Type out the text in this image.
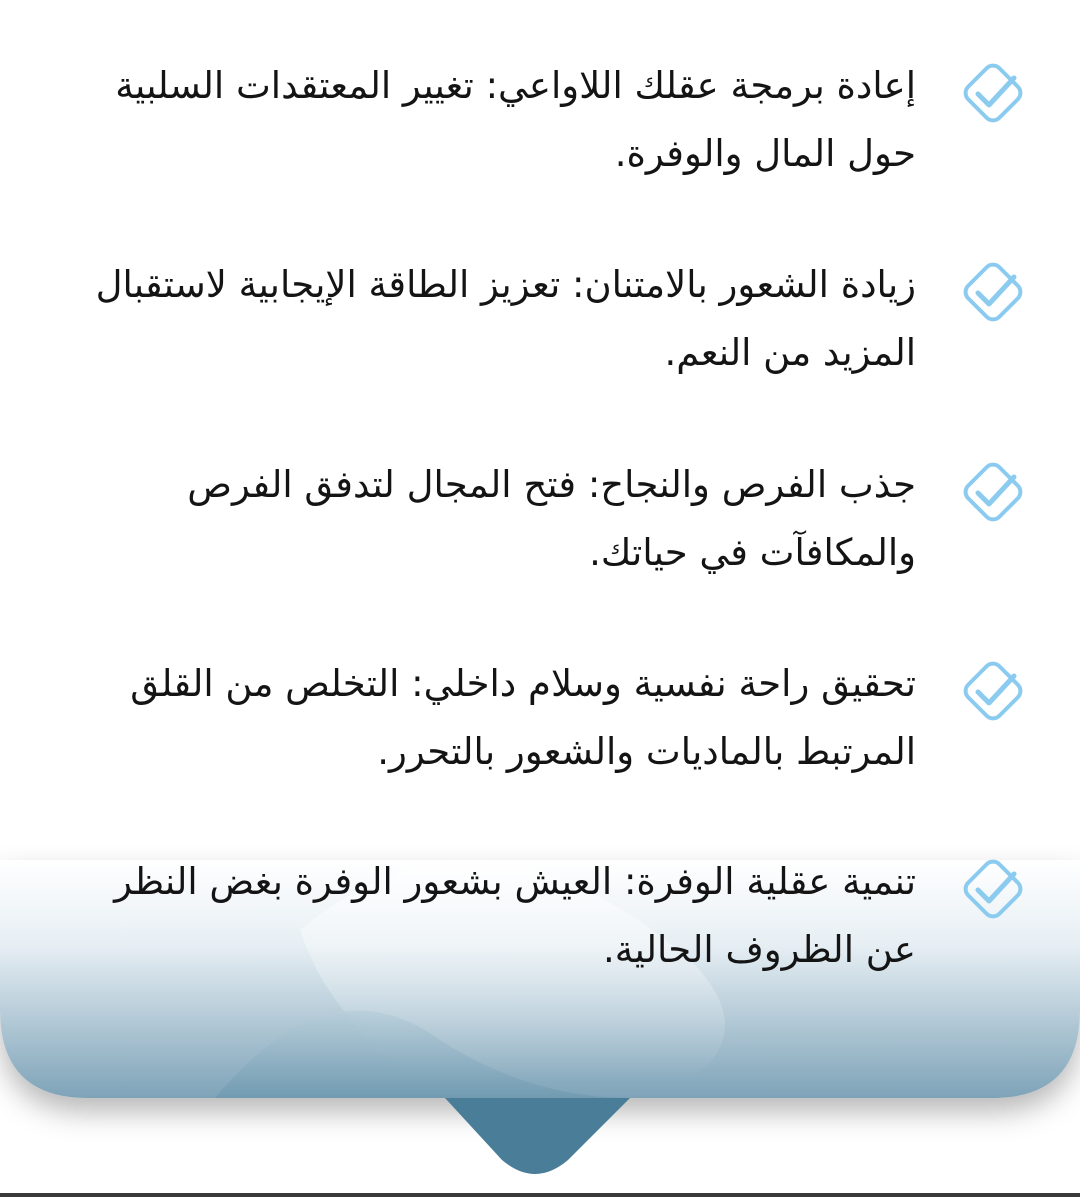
إعادة برمجة عقلك اللاواعي: تغيير المعتقدات السلبية حول المال والوفرة.

زيادة الشعور بالامتنان: تعزيز الطاقة الإيجابية لاستقبال المزيد من النعم.

جذب الفرص والنجاح: فتح المجال لتدفق الفرص والمكافآت في حياتك.

تحقيق راحة نفسية وسلام داخلي: التخلص من القلق المرتبط بالماديات والشعور بالتحرر.

تنمية عقلية الوفرة: العيش بشعور الوفرة بغض النظر عن الظروف الحالية.
